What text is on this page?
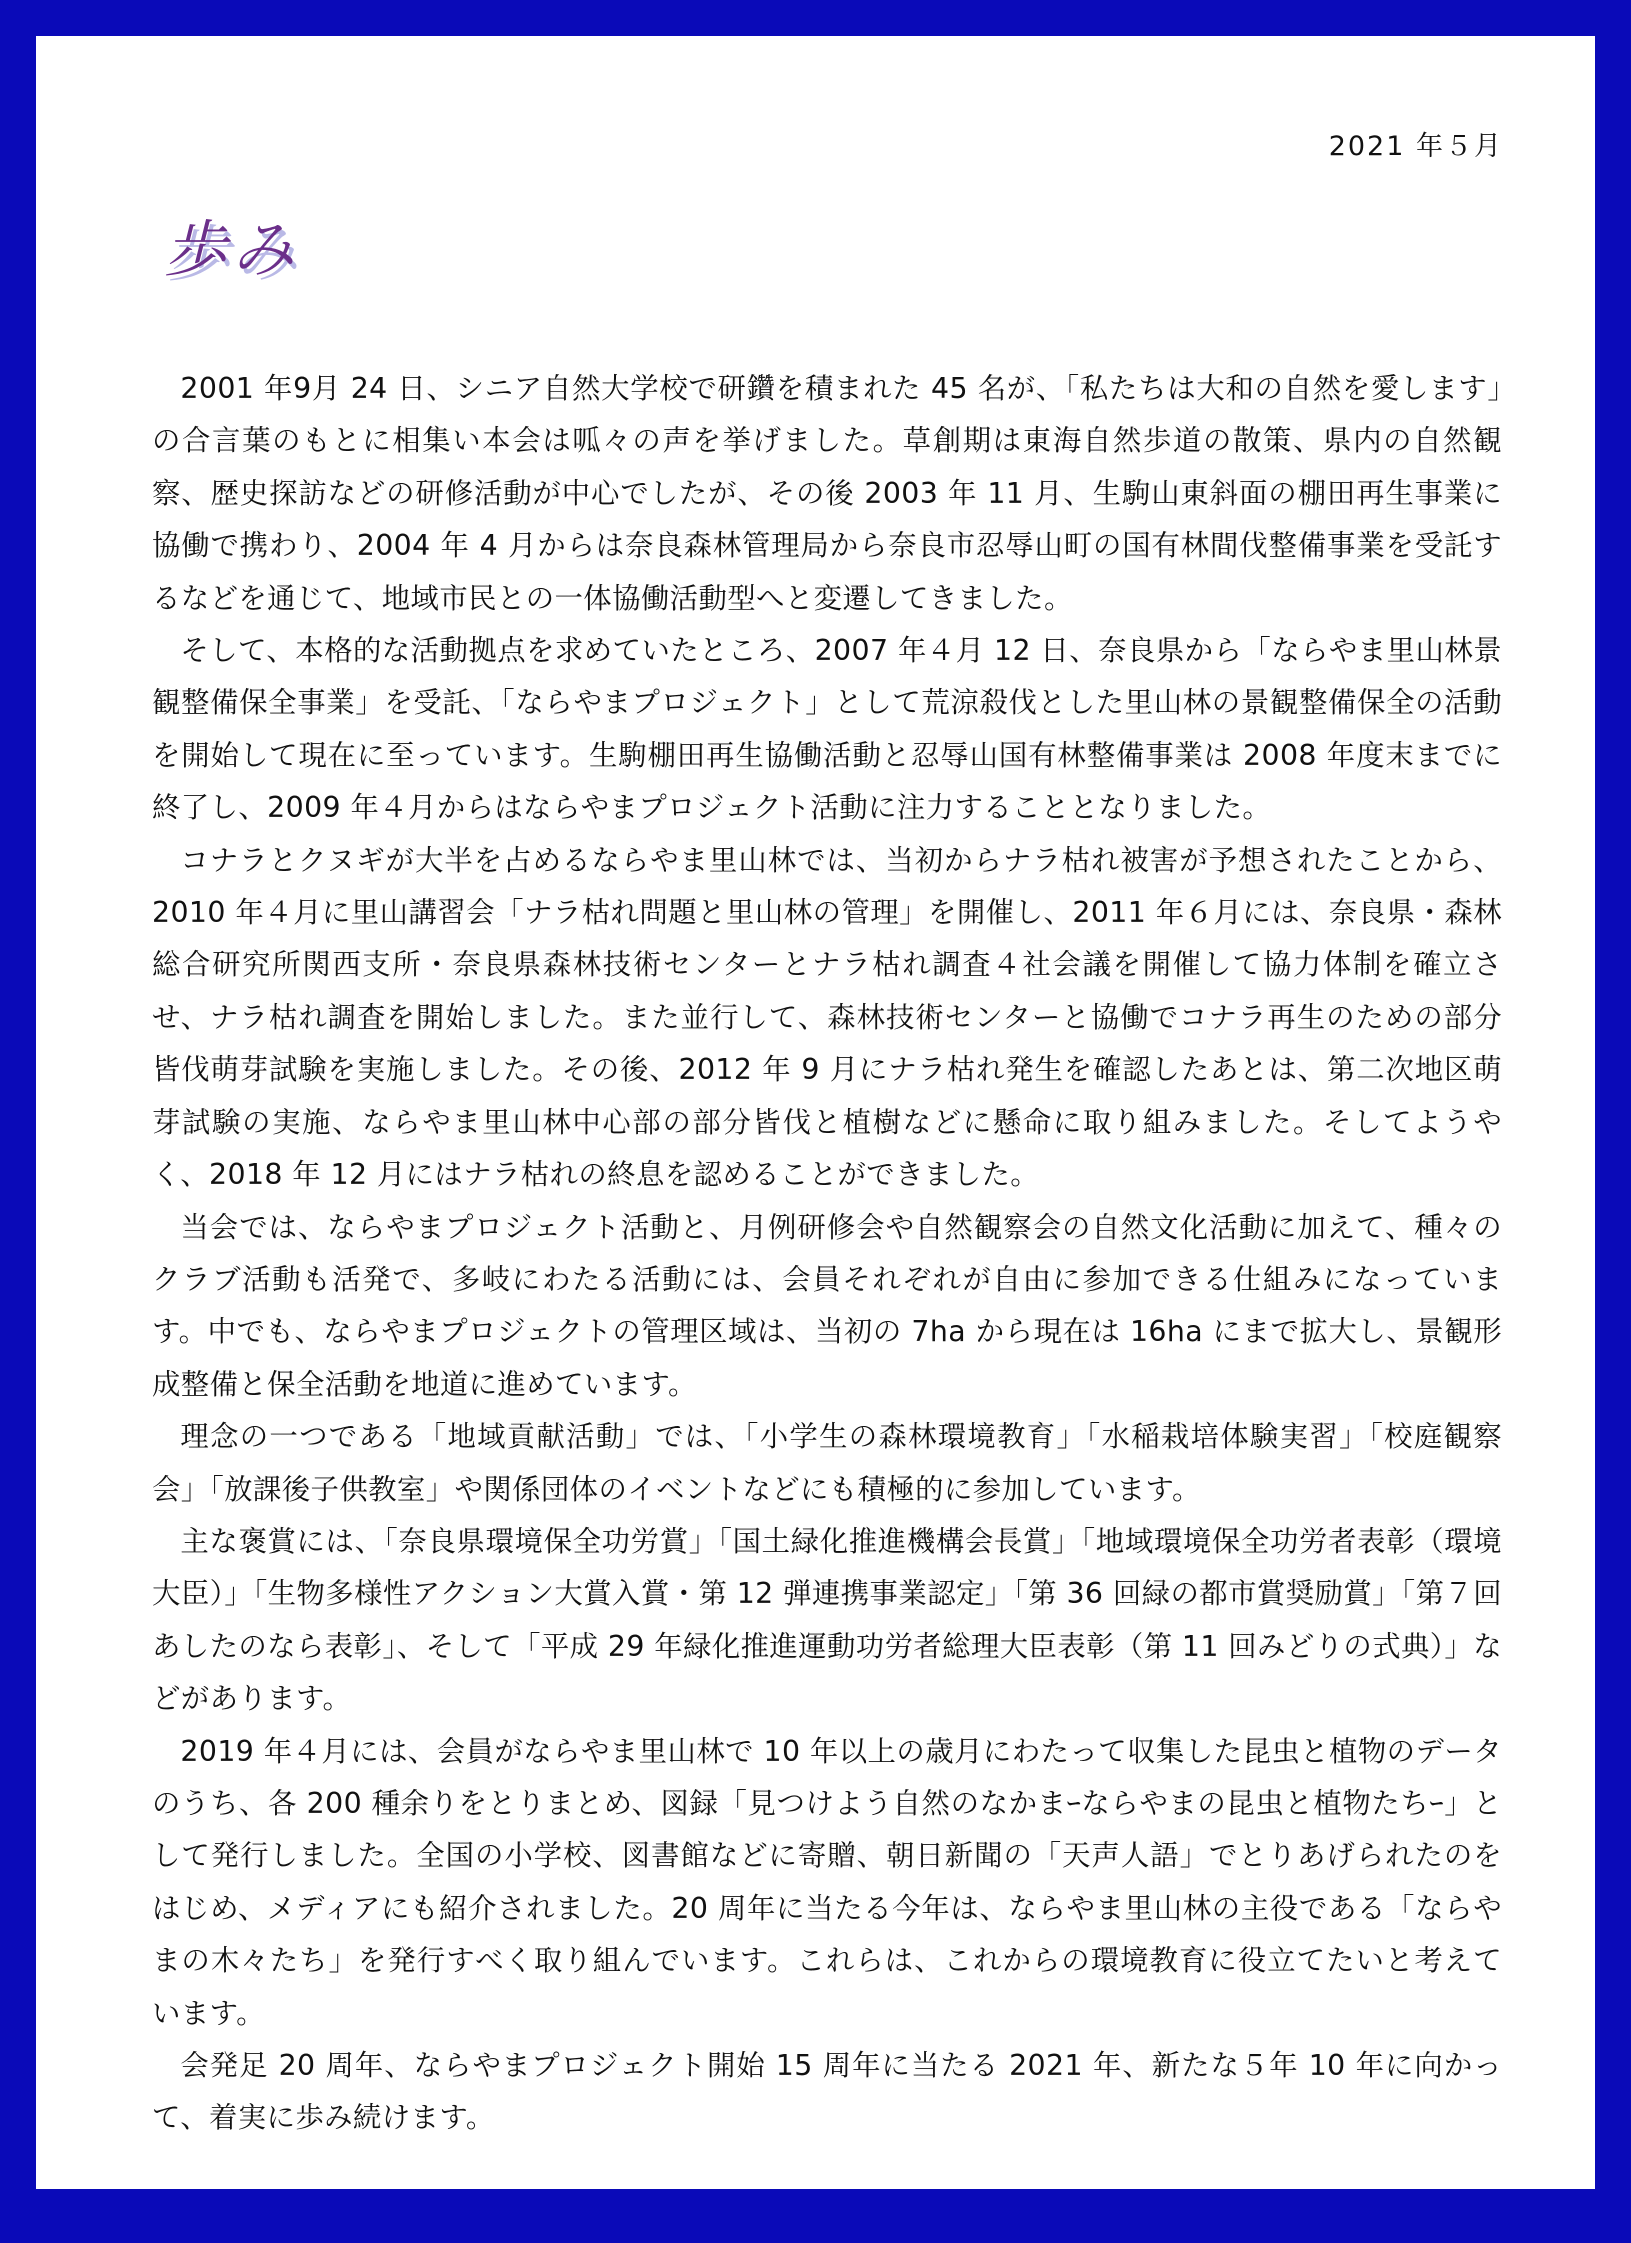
2021 年５月
歩み

2001 年9月 24 日、シニア自然大学校で研鑽を積まれた 45 名が、「私たちは大和の自然を愛します」の合言葉のもとに相集い本会は呱々の声を挙げました。草創期は東海自然歩道の散策、県内の自然観察、歴史探訪などの研修活動が中心でしたが、その後 2003 年 11 月、生駒山東斜面の棚田再生事業に協働で携わり、2004 年 4 月からは奈良森林管理局から奈良市忍辱山町の国有林間伐整備事業を受託するなどを通じて、地域市民との一体協働活動型へと変遷してきました。

そして、本格的な活動拠点を求めていたところ、2007 年４月 12 日、奈良県から「ならやま里山林景観整備保全事業」を受託、「ならやまプロジェクト」として荒涼殺伐とした里山林の景観整備保全の活動を開始して現在に至っています。生駒棚田再生協働活動と忍辱山国有林整備事業は 2008 年度末までに終了し、2009 年４月からはならやまプロジェクト活動に注力することとなりました。

コナラとクヌギが大半を占めるならやま里山林では、当初からナラ枯れ被害が予想されたことから、2010 年４月に里山講習会「ナラ枯れ問題と里山林の管理」を開催し、2011 年６月には、奈良県・森林総合研究所関西支所・奈良県森林技術センターとナラ枯れ調査４社会議を開催して協力体制を確立させ、ナラ枯れ調査を開始しました。また並行して、森林技術センターと協働でコナラ再生のための部分皆伐萌芽試験を実施しました。その後、2012 年 9 月にナラ枯れ発生を確認したあとは、第二次地区萌芽試験の実施、ならやま里山林中心部の部分皆伐と植樹などに懸命に取り組みました。そしてようやく、2018 年 12 月にはナラ枯れの終息を認めることができました。

当会では、ならやまプロジェクト活動と、月例研修会や自然観察会の自然文化活動に加えて、種々のクラブ活動も活発で、多岐にわたる活動には、会員それぞれが自由に参加できる仕組みになっています。中でも、ならやまプロジェクトの管理区域は、当初の 7ha から現在は 16ha にまで拡大し、景観形成整備と保全活動を地道に進めています。

理念の一つである「地域貢献活動」では、「小学生の森林環境教育」「水稲栽培体験実習」「校庭観察会」「放課後子供教室」や関係団体のイベントなどにも積極的に参加しています。

主な褒賞には、「奈良県環境保全功労賞」「国土緑化推進機構会長賞」「地域環境保全功労者表彰（環境大臣）」「生物多様性アクション大賞入賞・第 12 弾連携事業認定」「第 36 回緑の都市賞奨励賞」「第７回あしたのなら表彰」、そして「平成 29 年緑化推進運動功労者総理大臣表彰（第 11 回みどりの式典）」などがあります。

2019 年４月には、会員がならやま里山林で 10 年以上の歳月にわたって収集した昆虫と植物のデータのうち、各 200 種余りをとりまとめ、図録「見つけよう自然のなかまｰならやまの昆虫と植物たちｰ」として発行しました。全国の小学校、図書館などに寄贈、朝日新聞の「天声人語」でとりあげられたのをはじめ、メディアにも紹介されました。20 周年に当たる今年は、ならやま里山林の主役である「ならやまの木々たち」を発行すべく取り組んでいます。これらは、これからの環境教育に役立てたいと考えています。

会発足 20 周年、ならやまプロジェクト開始 15 周年に当たる 2021 年、新たな５年 10 年に向かって、着実に歩み続けます。
